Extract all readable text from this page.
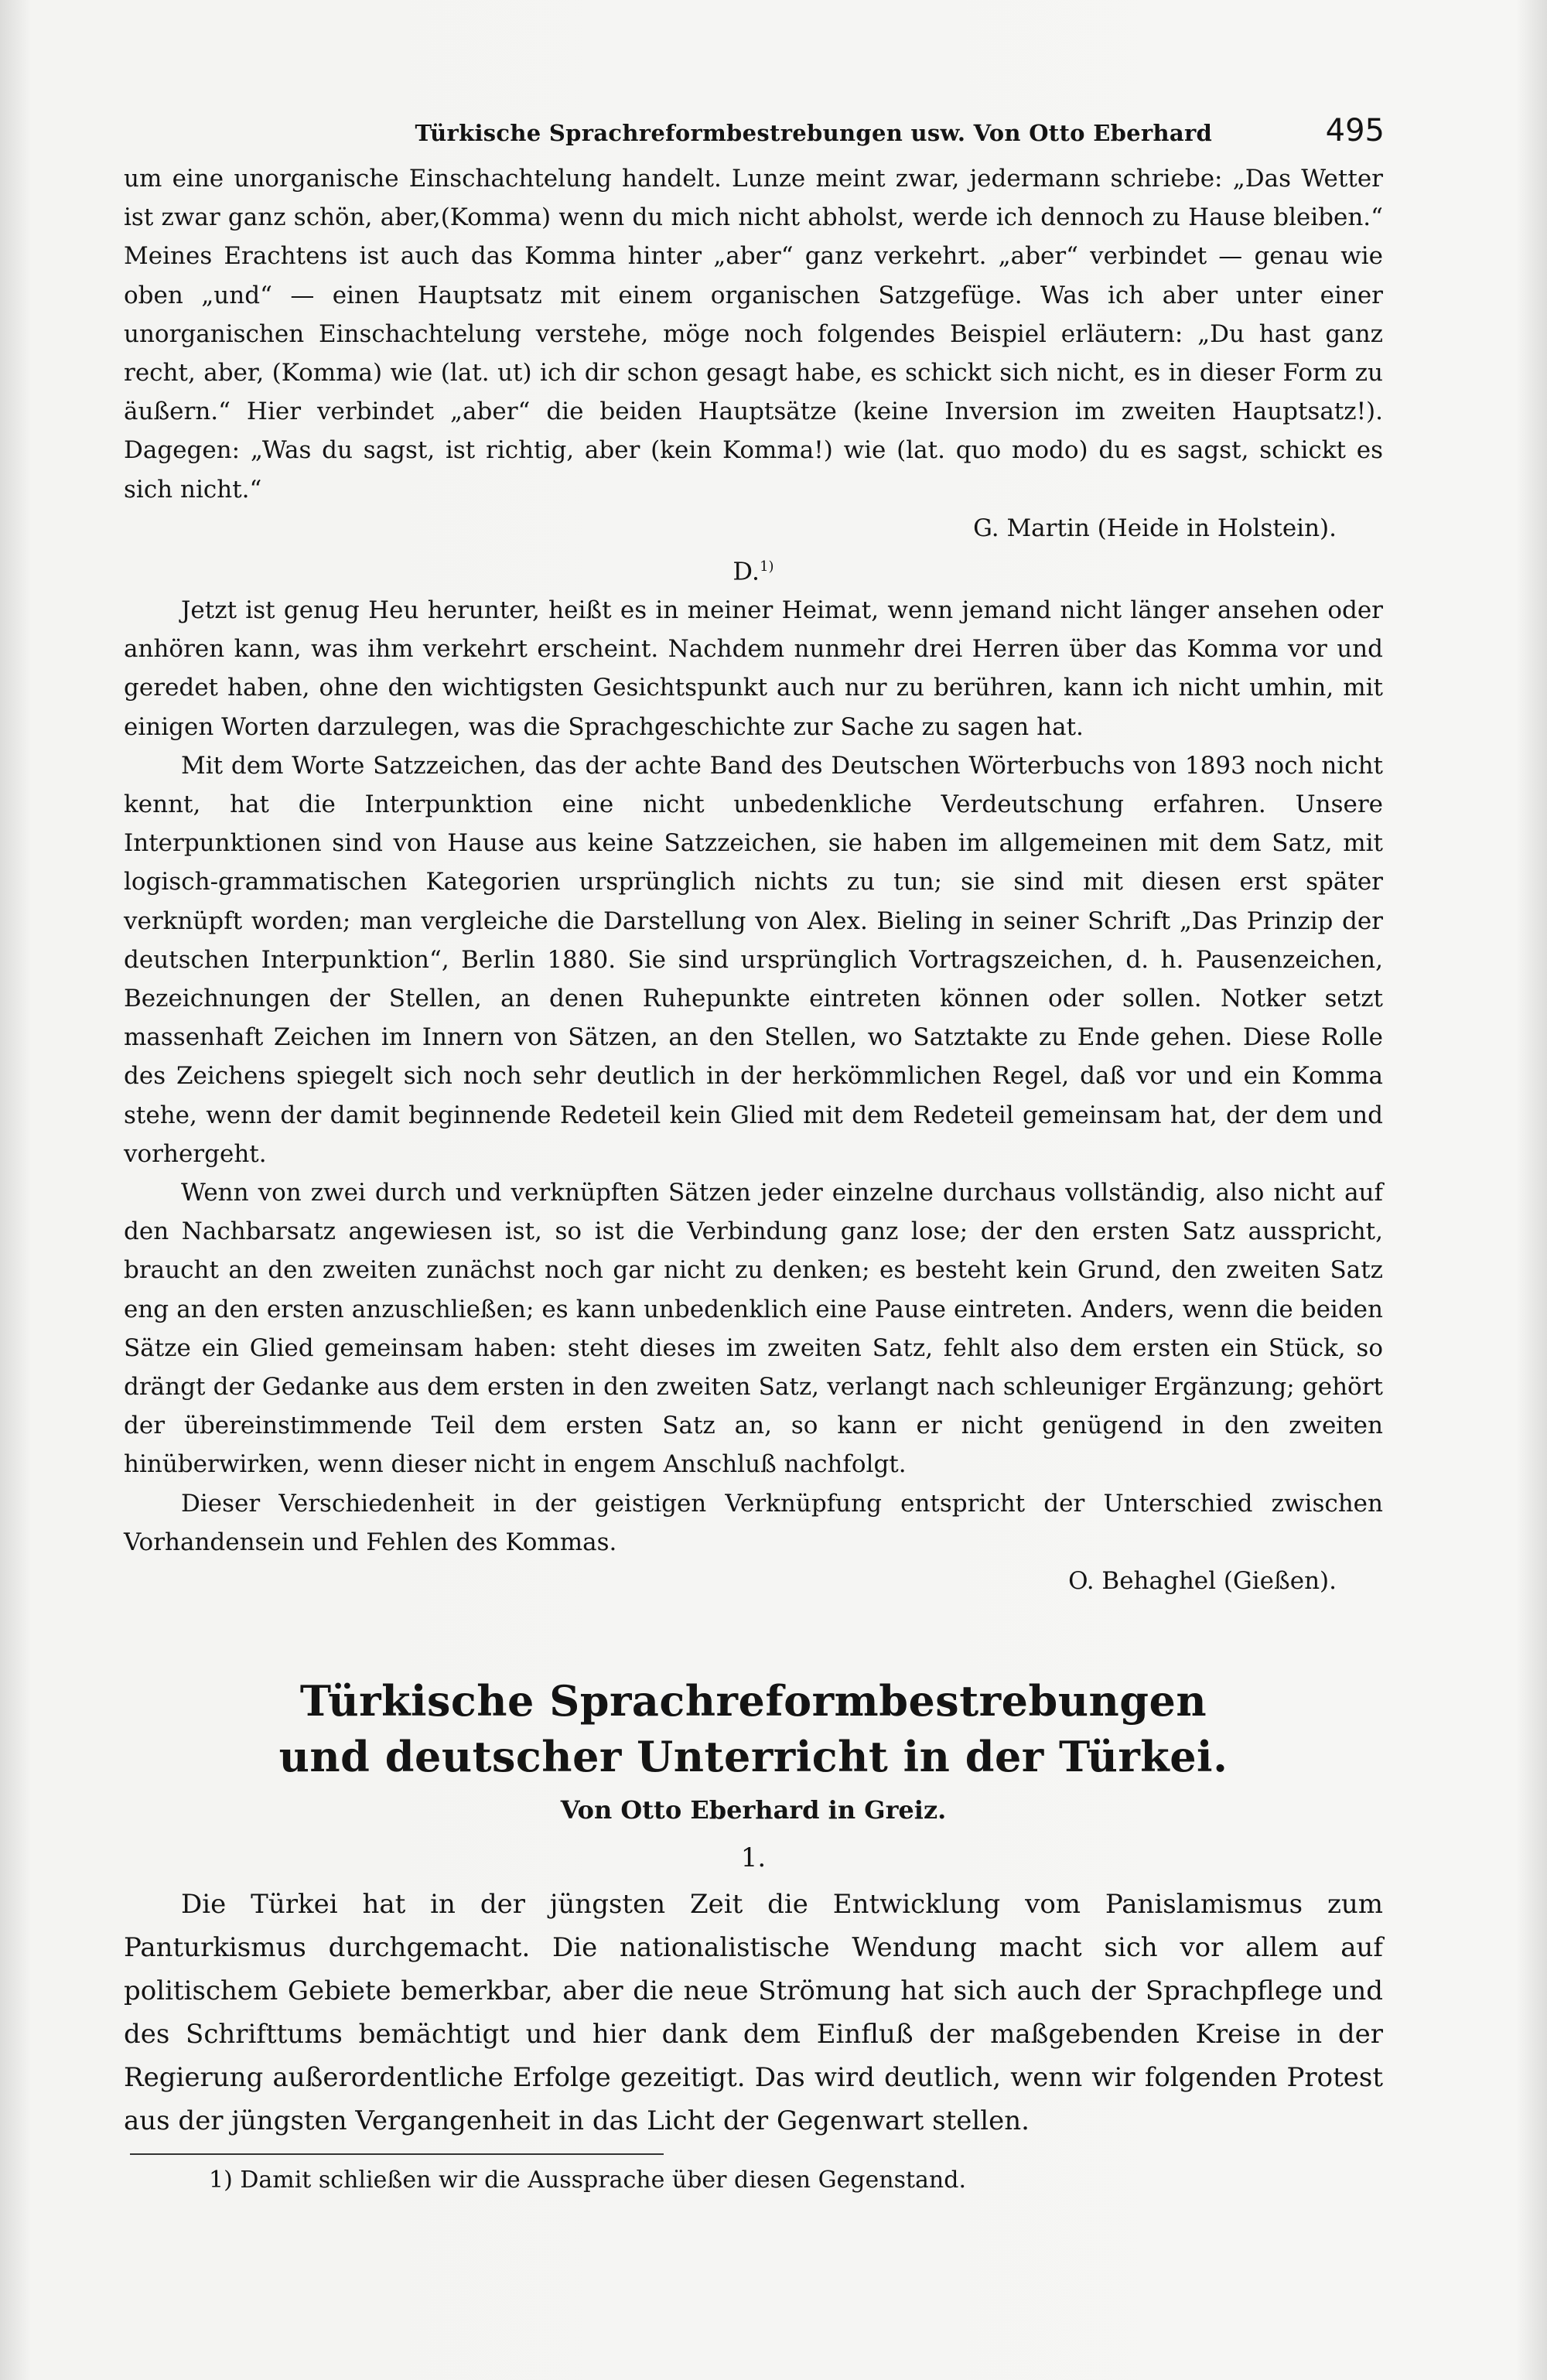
Türkische Sprachreformbestrebungen usw. Von Otto Eberhard	495

um eine unorganische Einschachtelung handelt. Lunze meint zwar, jedermann schriebe: „Das Wetter ist zwar ganz schön, aber,(Komma) wenn du mich nicht abholst, werde ich dennoch zu Hause bleiben.“ Meines Erachtens ist auch das Komma hinter „aber“ ganz verkehrt. „aber“ verbindet — genau wie oben „und“ — einen Hauptsatz mit einem organischen Satzgefüge. Was ich aber unter einer unorganischen Einschachtelung verstehe, möge noch folgendes Beispiel erläutern: „Du hast ganz recht, aber, (Komma) wie (lat. ut) ich dir schon gesagt habe, es schickt sich nicht, es in dieser Form zu äußern.“ Hier verbindet „aber“ die beiden Hauptsätze (keine Inversion im zweiten Hauptsatz!). Dagegen: „Was du sagst, ist richtig, aber (kein Komma!) wie (lat. quo modo) du es sagst, schickt es sich nicht.“

G. Martin (Heide in Holstein).

D.$^{1)}$

Jetzt ist genug Heu herunter, heißt es in meiner Heimat, wenn jemand nicht länger ansehen oder anhören kann, was ihm verkehrt erscheint. Nachdem nunmehr drei Herren über das Komma vor und geredet haben, ohne den wichtigsten Gesichtspunkt auch nur zu berühren, kann ich nicht umhin, mit einigen Worten darzulegen, was die Sprachgeschichte zur Sache zu sagen hat.

Mit dem Worte Satzzeichen, das der achte Band des Deutschen Wörterbuchs von 1893 noch nicht kennt, hat die Interpunktion eine nicht unbedenkliche Verdeutschung erfahren. Unsere Interpunktionen sind von Hause aus keine Satzzeichen, sie haben im allgemeinen mit dem Satz, mit logisch-grammatischen Kategorien ursprünglich nichts zu tun; sie sind mit diesen erst später verknüpft worden; man vergleiche die Darstellung von Alex. Bieling in seiner Schrift „Das Prinzip der deutschen Interpunktion“, Berlin 1880. Sie sind ursprünglich Vortragszeichen, d. h. Pausenzeichen, Bezeichnungen der Stellen, an denen Ruhepunkte eintreten können oder sollen. Notker setzt massenhaft Zeichen im Innern von Sätzen, an den Stellen, wo Satztakte zu Ende gehen. Diese Rolle des Zeichens spiegelt sich noch sehr deutlich in der herkömmlichen Regel, daß vor und ein Komma stehe, wenn der damit beginnende Redeteil kein Glied mit dem Redeteil gemeinsam hat, der dem und vorhergeht.

Wenn von zwei durch und verknüpften Sätzen jeder einzelne durchaus vollständig, also nicht auf den Nachbarsatz angewiesen ist, so ist die Verbindung ganz lose; der den ersten Satz ausspricht, braucht an den zweiten zunächst noch gar nicht zu denken; es besteht kein Grund, den zweiten Satz eng an den ersten anzuschließen; es kann unbedenklich eine Pause eintreten. Anders, wenn die beiden Sätze ein Glied gemeinsam haben: steht dieses im zweiten Satz, fehlt also dem ersten ein Stück, so drängt der Gedanke aus dem ersten in den zweiten Satz, verlangt nach schleuniger Ergänzung; gehört der übereinstimmende Teil dem ersten Satz an, so kann er nicht genügend in den zweiten hinüberwirken, wenn dieser nicht in engem Anschluß nachfolgt.

Dieser Verschiedenheit in der geistigen Verknüpfung entspricht der Unterschied zwischen Vorhandensein und Fehlen des Kommas.

O. Behaghel (Gießen).

Türkische Sprachreformbestrebungen
und deutscher Unterricht in der Türkei.
Von Otto Eberhard in Greiz.
1.

Die Türkei hat in der jüngsten Zeit die Entwicklung vom Panislamismus zum Panturkismus durchgemacht. Die nationalistische Wendung macht sich vor allem auf politischem Gebiete bemerkbar, aber die neue Strömung hat sich auch der Sprachpflege und des Schrifttums bemächtigt und hier dank dem Einfluß der maßgebenden Kreise in der Regierung außerordentliche Erfolge gezeitigt. Das wird deutlich, wenn wir folgenden Protest aus der jüngsten Vergangenheit in das Licht der Gegenwart stellen.

1) Damit schließen wir die Aussprache über diesen Gegenstand.
